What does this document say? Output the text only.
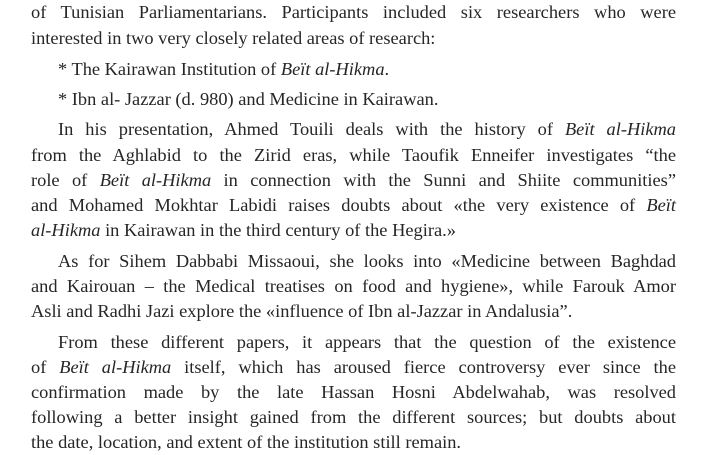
of Tunisian Parliamentarians. Participants included six researchers who were
interested in two very closely related areas of research:
* The Kairawan Institution of Beït al-Hikma.
* Ibn al- Jazzar (d. 980) and Medicine in Kairawan.
In his presentation, Ahmed Touili deals with the history of Beït al-Hikma
from the Aghlabid to the Zirid eras, while Taoufik Enneifer investigates “the
role of Beït al-Hikma in connection with the Sunni and Shiite communities”
and Mohamed Mokhtar Labidi raises doubts about «the very existence of Beït
al-Hikma in Kairawan in the third century of the Hegira.»
As for Sihem Dabbabi Missaoui, she looks into «Medicine between Baghdad
and Kairouan – the Medical treatises on food and hygiene», while Farouk Amor
Asli and Radhi Jazi explore the «influence of Ibn al-Jazzar in Andalusia”.
From these different papers, it appears that the question of the existence
of Beït al-Hikma itself, which has aroused fierce controversy ever since the
confirmation made by the late Hassan Hosni Abdelwahab, was resolved
following a better insight gained from the different sources; but doubts about
the date, location, and extent of the institution still remain.
